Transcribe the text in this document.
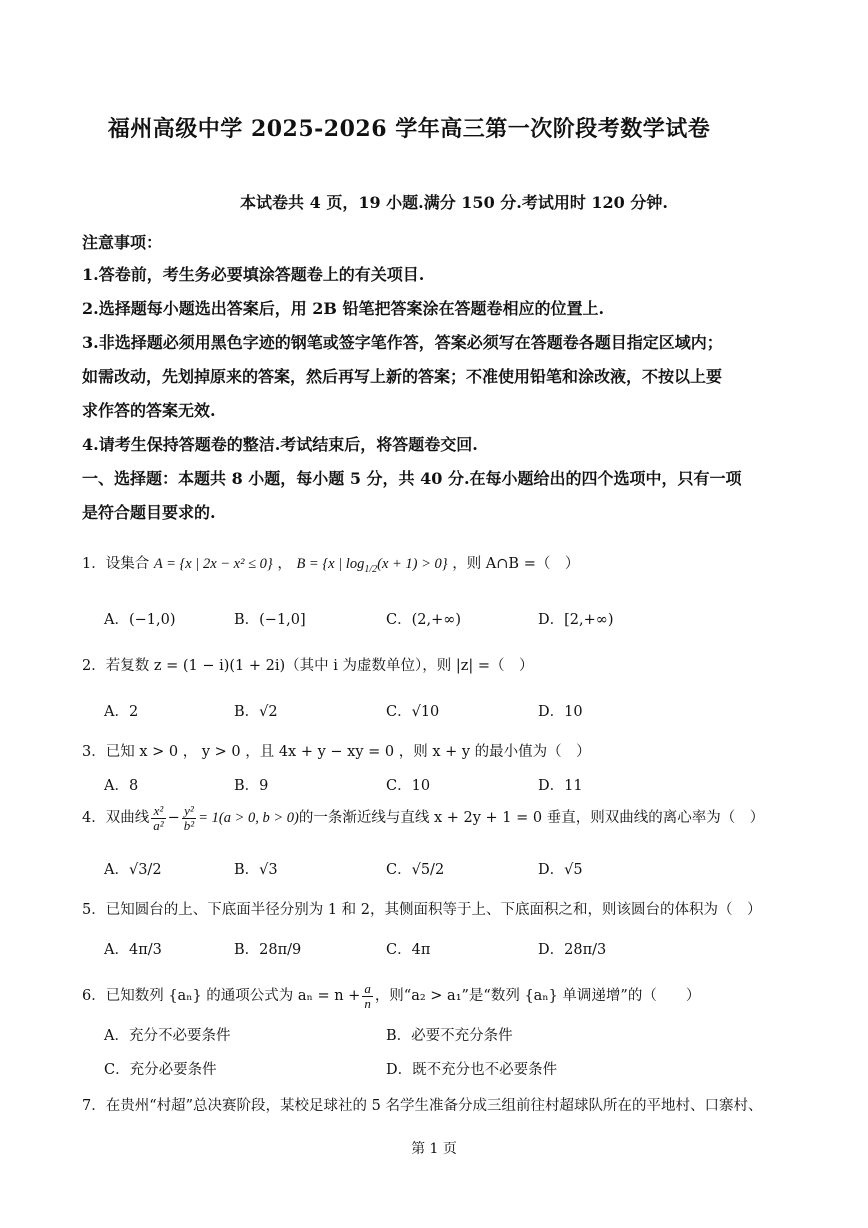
福州高级中学 2025-2026 学年高三第一次阶段考数学试卷
本试卷共 4 页，19 小题.满分 150 分.考试用时 120 分钟.
注意事项：
1.答卷前，考生务必要填涂答题卷上的有关项目.
2.选择题每小题选出答案后，用 2B 铅笔把答案涂在答题卷相应的位置上.
3.非选择题必须用黑色字迹的钢笔或签字笔作答，答案必须写在答题卷各题目指定区域内；
如需改动，先划掉原来的答案，然后再写上新的答案；不准使用铅笔和涂改液，不按以上要
求作答的答案无效.
4.请考生保持答题卷的整洁.考试结束后，将答题卷交回.
一、选择题：本题共 8 小题，每小题 5 分，共 40 分.在每小题给出的四个选项中，只有一项
是符合题目要求的.
1．设集合 A = {x | 2x − x² ≤ 0} ， B = {x | $\log_{1/2}(x + 1) > 0$} ，则 A∩B =（　）
A．(−1,0)	B．(−1,0]	C．(2,+∞)	D．[2,+∞)
2．若复数 z = (1 − i)(1 + 2i)（其中 i 为虚数单位），则 |z| =（　）
A．2	B．√2	C．√10	D．10
3．已知 x > 0 ， y > 0 ，且 4x + y − xy = 0 ，则 x + y 的最小值为（　）
A．8	B．9	C．10	D．11
4．双曲线 $\frac{\text{x²}}{\text{a²}} - \frac{\text{y²}}{\text{b²}} = 1(a > 0$, b > 0)的一条渐近线与直线 x + 2y + 1 = 0 垂直，则双曲线的离心率为（　）
A．√3/2	B．√3	C．√5/2	D．√5
5．已知圆台的上、下底面半径分别为 1 和 2，其侧面积等于上、下底面积之和，则该圆台的体积为（　）
A．4π/3	B．28π/9	C．4π	D．28π/3
6．已知数列 {aₙ} 的通项公式为 $a_n = n + \frac{a}{n}$ ，则“a₂ > a₁”是“数列 {aₙ} 单调递增”的（　　）
A．充分不必要条件	B．必要不充分条件
C．充分必要条件	D．既不充分也不必要条件
7．在贵州“村超”总决赛阶段，某校足球社的 5 名学生准备分成三组前往村超球队所在的平地村、口寨村、
第 1 页
